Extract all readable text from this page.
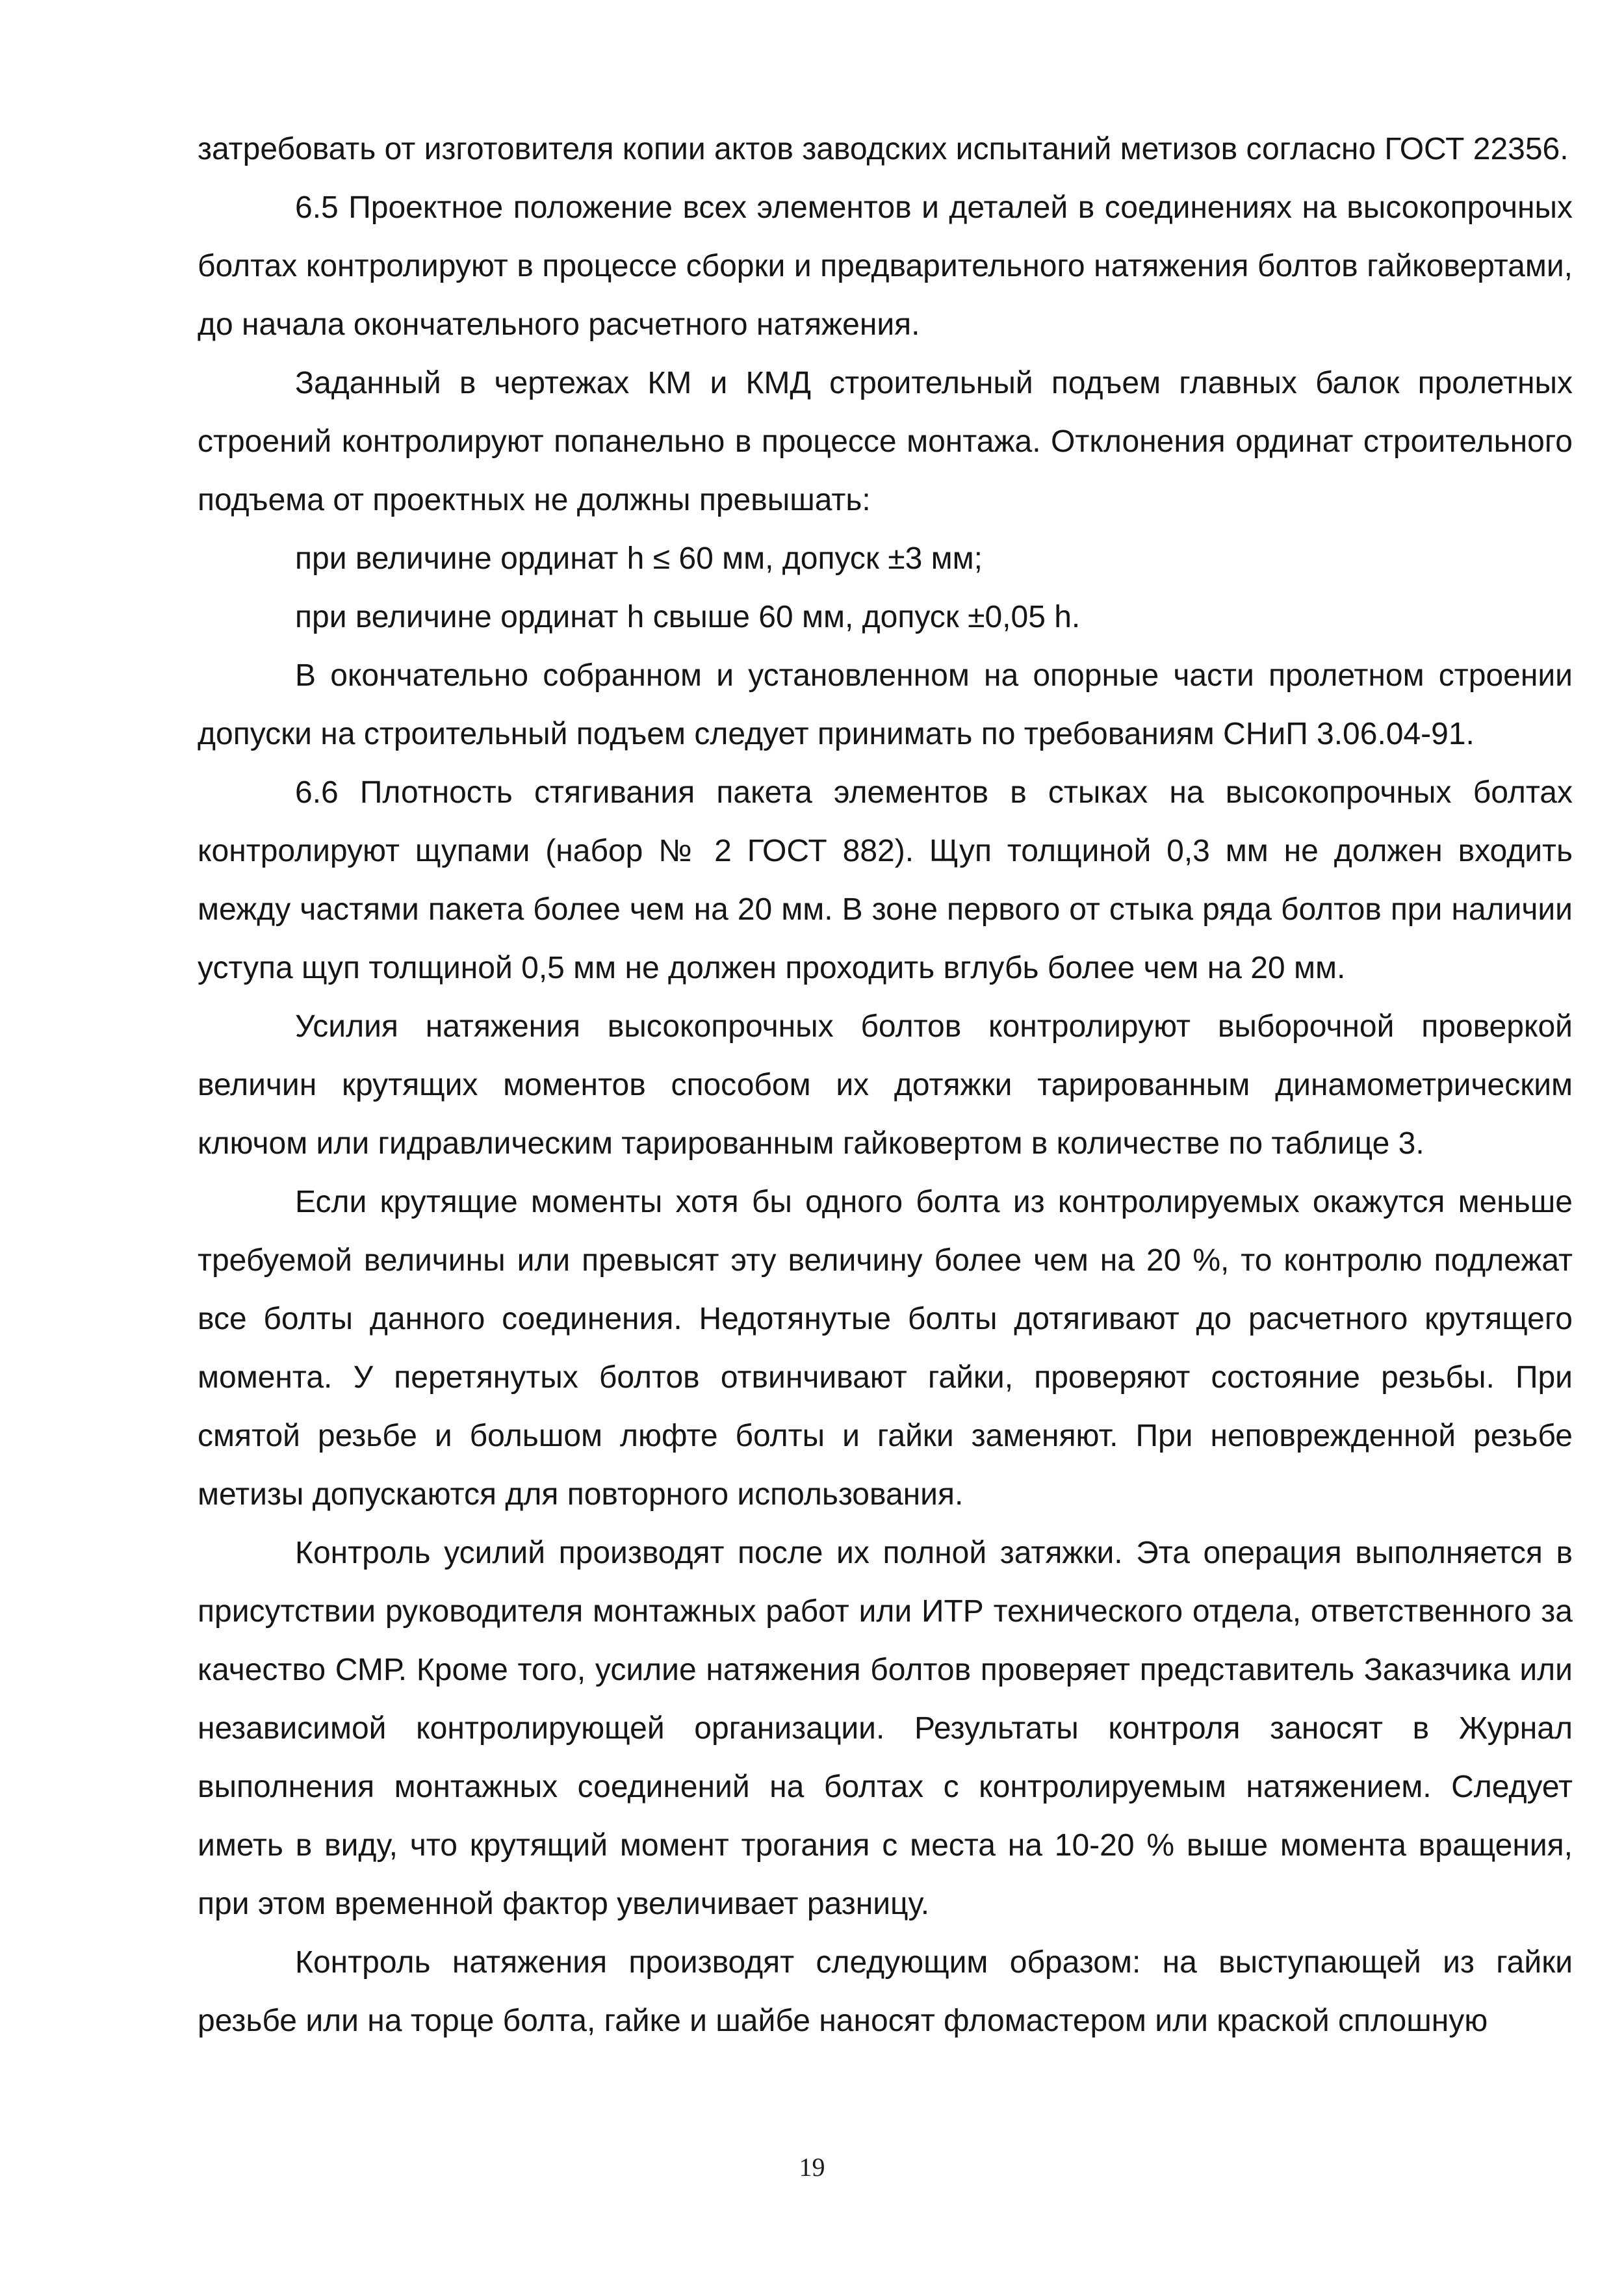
затребовать от изготовителя копии актов заводских испытаний метизов согласно ГОСТ 22356.

6.5 Проектное положение всех элементов и деталей в соединениях на высокопрочных болтах контролируют в процессе сборки и предварительного натяжения болтов гайковертами, до начала окончательного расчетного натяжения.

Заданный в чертежах КМ и КМД строительный подъем главных балок пролетных строений контролируют попанельно в процессе монтажа. Отклонения ординат строительного подъема от проектных не должны превышать:

при величине ординат h ≤ 60 мм, допуск ±3 мм;

при величине ординат h свыше 60 мм, допуск ±0,05 h.

В окончательно собранном и установленном на опорные части пролетном строении допуски на строительный подъем следует принимать по требованиям СНиП 3.06.04-91.

6.6 Плотность стягивания пакета элементов в стыках на высокопрочных болтах контролируют щупами (набор № 2 ГОСТ 882). Щуп толщиной 0,3 мм не должен входить между частями пакета более чем на 20 мм. В зоне первого от стыка ряда болтов при наличии уступа щуп толщиной 0,5 мм не должен проходить вглубь более чем на 20 мм.

Усилия натяжения высокопрочных болтов контролируют выборочной проверкой величин крутящих моментов способом их дотяжки тарированным динамометрическим ключом или гидравлическим тарированным гайковертом в количестве по таблице 3.

Если крутящие моменты хотя бы одного болта из контролируемых окажутся меньше требуемой величины или превысят эту величину более чем на 20 %, то контролю подлежат все болты данного соединения. Недотянутые болты дотягивают до расчетного крутящего момента. У перетянутых болтов отвинчивают гайки, проверяют состояние резьбы. При смятой резьбе и большом люфте болты и гайки заменяют. При неповрежденной резьбе метизы допускаются для повторного использования.

Контроль усилий производят после их полной затяжки. Эта операция выполняется в присутствии руководителя монтажных работ или ИТР технического отдела, ответственного за качество СМР. Кроме того, усилие натяжения болтов проверяет представитель Заказчика или независимой контролирующей организации. Результаты контроля заносят в Журнал выполнения монтажных соединений на болтах с контролируемым натяжением. Следует иметь в виду, что крутящий момент трогания с места на 10-20 % выше момента вращения, при этом временной фактор увеличивает разницу.

Контроль натяжения производят следующим образом: на выступающей из гайки резьбе или на торце болта, гайке и шайбе наносят фломастером или краской сплошную

19
